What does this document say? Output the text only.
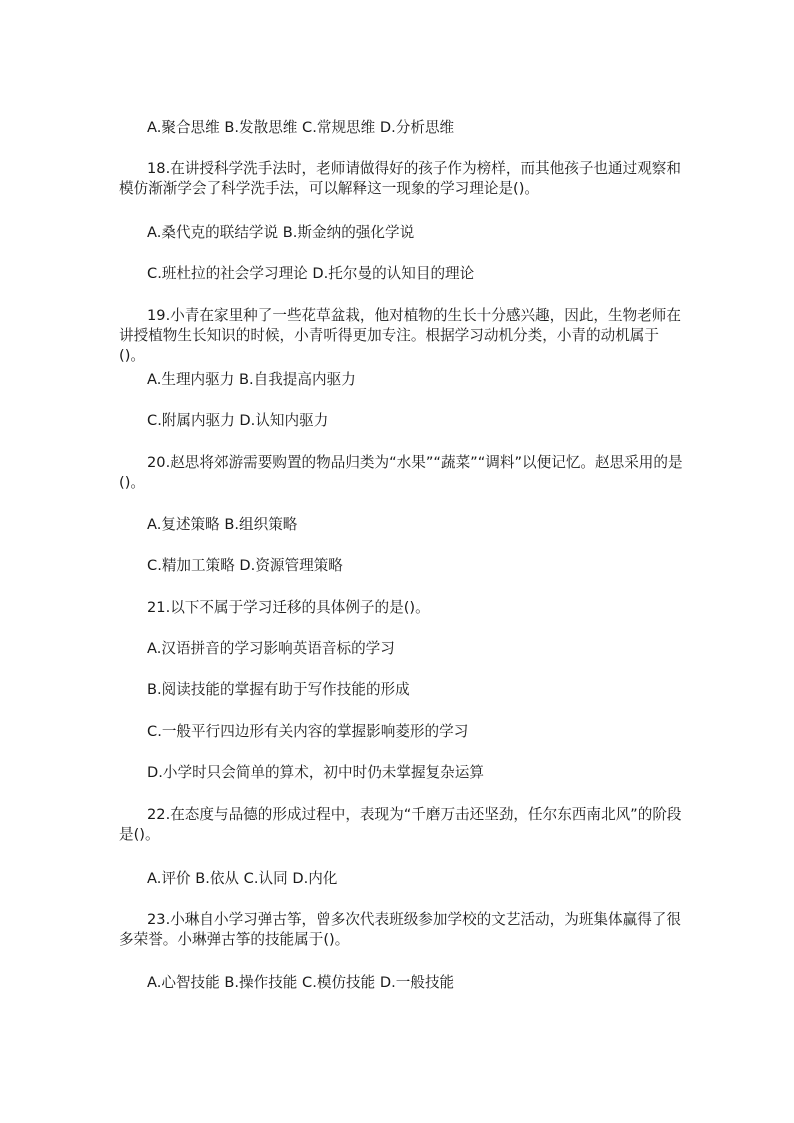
A.聚合思维 B.发散思维 C.常规思维 D.分析思维

18.在讲授科学洗手法时，老师请做得好的孩子作为榜样，而其他孩子也通过观察和模仿渐渐学会了科学洗手法，可以解释这一现象的学习理论是()。

A.桑代克的联结学说 B.斯金纳的强化学说

C.班杜拉的社会学习理论 D.托尔曼的认知目的理论

19.小青在家里种了一些花草盆栽，他对植物的生长十分感兴趣，因此，生物老师在讲授植物生长知识的时候，小青听得更加专注。根据学习动机分类，小青的动机属于()。

A.生理内驱力 B.自我提高内驱力

C.附属内驱力 D.认知内驱力

20.赵思将郊游需要购置的物品归类为“水果”“蔬菜”“调料”以便记忆。赵思采用的是()。

A.复述策略 B.组织策略

C.精加工策略 D.资源管理策略

21.以下不属于学习迁移的具体例子的是()。

A.汉语拼音的学习影响英语音标的学习

B.阅读技能的掌握有助于写作技能的形成

C.一般平行四边形有关内容的掌握影响菱形的学习

D.小学时只会简单的算术，初中时仍未掌握复杂运算

22.在态度与品德的形成过程中，表现为“千磨万击还坚劲，任尔东西南北风”的阶段是()。

A.评价 B.依从 C.认同 D.内化

23.小琳自小学习弹古筝，曾多次代表班级参加学校的文艺活动，为班集体赢得了很多荣誉。小琳弹古筝的技能属于()。

A.心智技能 B.操作技能 C.模仿技能 D.一般技能
